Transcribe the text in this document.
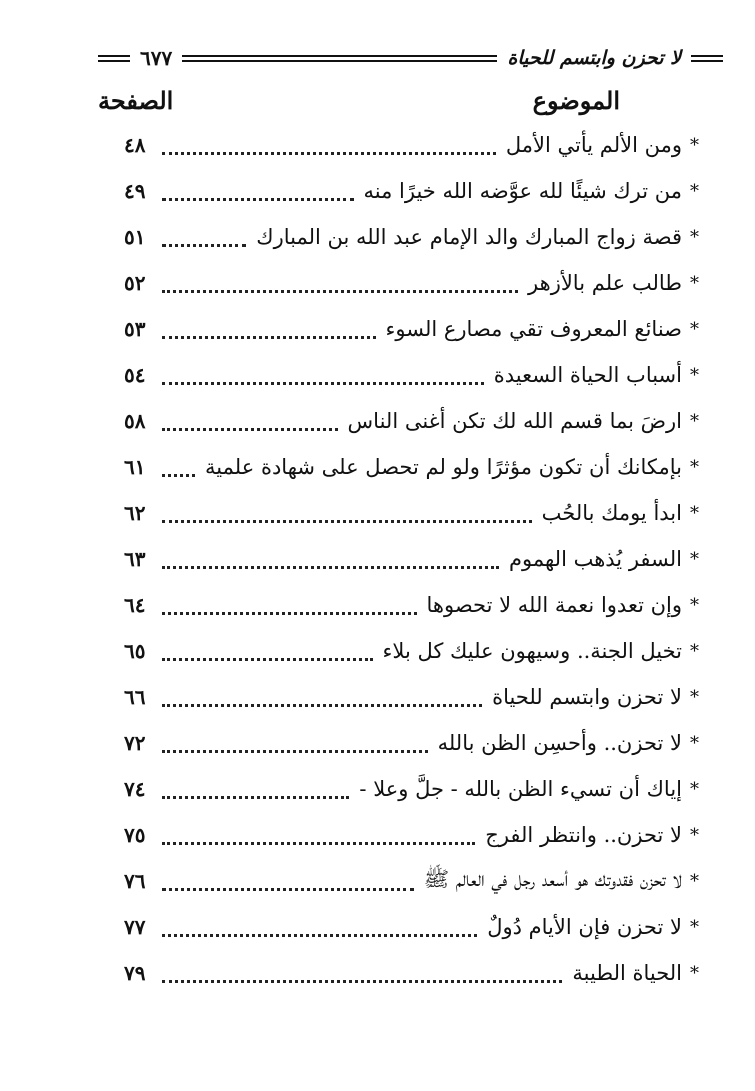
٦٧٧	لا تحزن وابتسم للحياة
الصفحة	الموضوع
*
ومن الألم يأتي الأمل
٤٨
*
من ترك شيئًا لله عوَّضه الله خيرًا منه
٤٩
*
قصة زواج المبارك والد الإمام عبد الله بن المبارك
٥١
*
طالب علم بالأزهر
٥٢
*
صنائع المعروف تقي مصارع السوء
٥٣
*
أسباب الحياة السعيدة
٥٤
*
ارضَ بما قسم الله لك تكن أغنى الناس
٥٨
*
بإمكانك أن تكون مؤثرًا ولو لم تحصل على شهادة علمية
٦١
*
ابدأ يومك بالحُب
٦٢
*
السفر يُذهب الهموم
٦٣
*
وإن تعدوا نعمة الله لا تحصوها
٦٤
*
تخيل الجنة.. وسيهون عليك كل بلاء
٦٥
*
لا تحزن وابتسم للحياة
٦٦
*
لا تحزن.. وأحسِن الظن بالله
٧٢
*
إياك أن تسيء الظن بالله - جلَّ وعلا -
٧٤
*
لا تحزن.. وانتظر الفرج
٧٥
*
لا تحزن فقدوتك هو أسعد رجل في العالم ﷺ
٧٦
*
لا تحزن فإن الأيام دُولٌ
٧٧
*
الحياة الطيبة
٧٩
